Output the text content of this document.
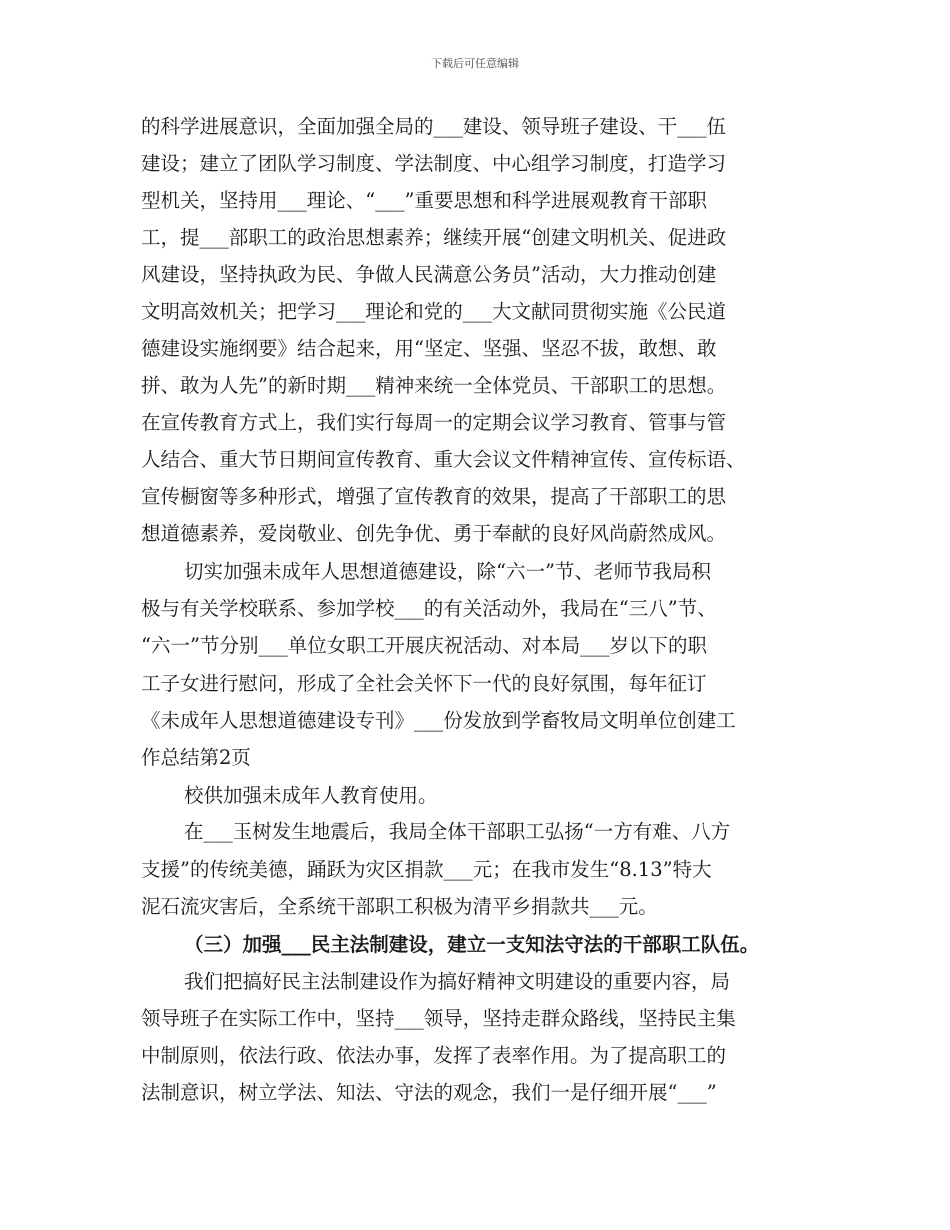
下载后可任意编辑
的科学进展意识，全面加强全局的___建设、领导班子建设、干___伍
建设；建立了团队学习制度、学法制度、中心组学习制度，打造学习
型机关，坚持用___理论、“___”重要思想和科学进展观教育干部职
工，提___部职工的政治思想素养；继续开展“创建文明机关、促进政
风建设，坚持执政为民、争做人民满意公务员”活动，大力推动创建
文明高效机关；把学习___理论和党的___大文献同贯彻实施《公民道
德建设实施纲要》结合起来，用“坚定、坚强、坚忍不拔，敢想、敢
拼、敢为人先”的新时期___精神来统一全体党员、干部职工的思想。
在宣传教育方式上，我们实行每周一的定期会议学习教育、管事与管
人结合、重大节日期间宣传教育、重大会议文件精神宣传、宣传标语、
宣传橱窗等多种形式，增强了宣传教育的效果，提高了干部职工的思
想道德素养，爱岗敬业、创先争优、勇于奉献的良好风尚蔚然成风。
切实加强未成年人思想道德建设，除“六一”节、老师节我局积
极与有关学校联系、参加学校___的有关活动外，我局在“三八”节、
“六一”节分别___单位女职工开展庆祝活动、对本局___岁以下的职
工子女进行慰问，形成了全社会关怀下一代的良好氛围，每年征订
《未成年人思想道德建设专刊》___份发放到学畜牧局文明单位创建工
作总结第2页
校供加强未成年人教育使用。
在___玉树发生地震后，我局全体干部职工弘扬“一方有难、八方
支援”的传统美德，踊跃为灾区捐款___元；在我市发生“8.13”特大
泥石流灾害后，全系统干部职工积极为清平乡捐款共___元。
（三）加强___民主法制建设，建立一支知法守法的干部职工队伍。
我们把搞好民主法制建设作为搞好精神文明建设的重要内容，局
领导班子在实际工作中，坚持___领导，坚持走群众路线，坚持民主集
中制原则，依法行政、依法办事，发挥了表率作用。为了提高职工的
法制意识，树立学法、知法、守法的观念，我们一是仔细开展“___”
